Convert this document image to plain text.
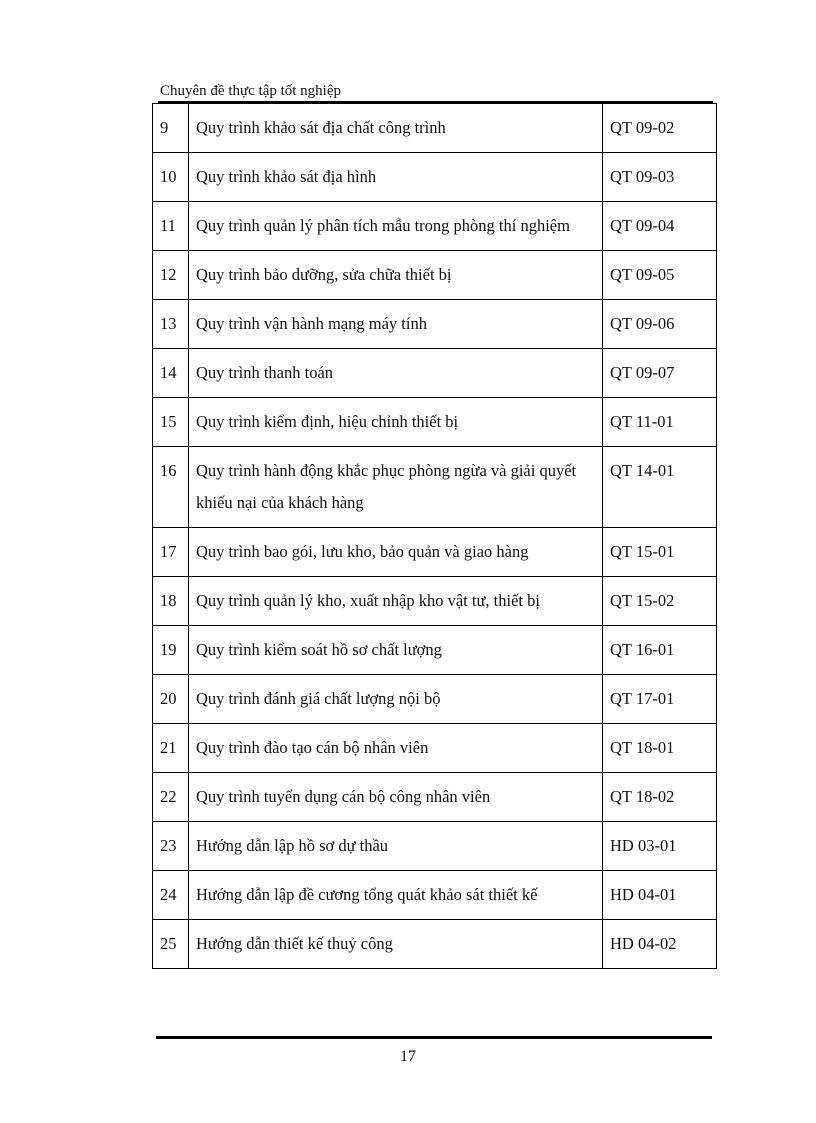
Chuyên đề thực tập tốt nghiệp
9	Quy trình khảo sát địa chất công trình	QT 09-02
10	Quy trình khảo sát địa hình	QT 09-03
11	Quy trình quản lý phân tích mẫu trong phòng thí nghiệm	QT 09-04
12	Quy trình bảo dưỡng, sửa chữa thiết bị	QT 09-05
13	Quy trình vận hành mạng máy tính	QT 09-06
14	Quy trình thanh toán	QT 09-07
15	Quy trình kiểm định, hiệu chỉnh thiết bị	QT 11-01
16	Quy trình hành động khắc phục phòng ngừa và giải quyết khiếu nại của khách hàng	QT 14-01
17	Quy trình bao gói, lưu kho, bảo quản và giao hàng	QT 15-01
18	Quy trình quản lý kho, xuất nhập kho vật tư, thiết bị	QT 15-02
19	Quy trình kiểm soát hồ sơ chất lượng	QT 16-01
20	Quy trình đánh giá chất lượng nội bộ	QT 17-01
21	Quy trình đào tạo cán bộ nhân viên	QT 18-01
22	Quy trình tuyển dụng cán bộ công nhân viên	QT 18-02
23	Hướng dẫn lập hồ sơ dự thầu	HD 03-01
24	Hướng dẫn lập đề cương tổng quát khảo sát thiết kế	HD 04-01
25	Hướng dẫn thiết kế thuỷ công	HD 04-02
17
